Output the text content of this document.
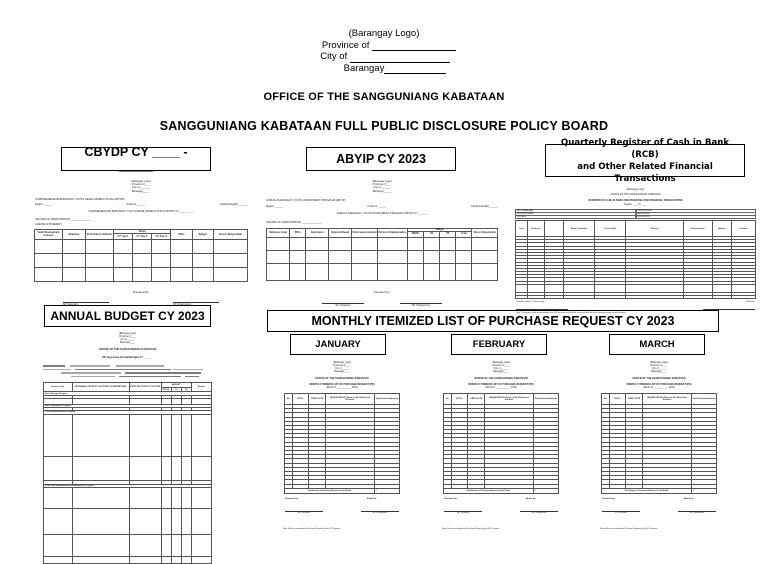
(Barangay Logo)
Province of
City of
Barangay
OFFICE OF THE SANGGUNIANG KABATAAN
SANGGUNIANG KABATAAN FULL PUBLIC DISCLOSURE POLICY BOARD
CBYDP CY ____ - _____	ABYIP CY 2023
Quarterly Register of Cash in Bank (RCB)
and Other Related Financial Transactions
ANNUAL BUDGET CY 2023	MONTHLY ITEMIZED LIST OF PURCHASE REQUEST CY 2023
JANUARY	FEBRUARY	MARCH
(Barangay Logo)
Province of____
City of_______
Barangay_____
COMPREHENSIVE BARANGAY YOUTH DEVELOPMENT PLAN (CBYDP)
Region ______	Province ______	City/Municipality ______
COMPREHENSIVE BARANGAY YOUTH DEVELOPMENT PLAN (CBYDP) CY ____ - ____
CENTER OF PARTICIPATION ______________
AGENDA STATEMENT
Youth Development Concern	Objective	Performance Indicator	Target			PPAs	Budget	Person Responsible
			CY Year 1	CY Year 2	CY Year 3			

Prepared by:
SK Secretary	SK Chairperson
(Barangay Logo)
Province of____
City of_______
Barangay_____
ANNUAL BARANGAY YOUTH INVESTMENT PROGRAM (ABYIP)
Region ______	Province ______	City/Municipality ______
ANNUAL BARANGAY YOUTH INVESTMENT PROGRAM (ABYIP) CY ______
CENTER OF PARTICIPATION ______________
Reference Code	PPAs	Description	Expected Result	Performance Indicator	Period of Implementation	Budget				Person Responsible
						MOOE	CO	PS	Total	

Prepared by:
SK Treasurer	SK Chairperson
(Barangay Logo)
OFFICE OF THE SANGGUNIANG KABATAAN
REGISTER OF CASH IN BANK AND OTHER RELATED FINANCIAL TRANSACTIONS
Quarter ___ CY ____
SK of Barangay:
City/Municipality:
Province:
Fund/Account:
Bank Name:
Account No.:
Date	Reference		Name / Particulars	Cash in Bank	Receipts	Disbursements	Balance	Remarks

Certified Correct / Prepared by:	Noted by:
Note: This register shall be maintained by the SK Treasurer and shall be reconciled with the bank statement every end of the month.
(Barangay Logo)
Province of____
City of______
Barangay____
OFFICE OF THE SANGGUNIANG KABATAAN
SK Approved Annual Budget CY ______

Account Code	PROGRAMS / PROJECTS / ACTIVITIES / EXPENSE ITEMS	EXPECTED OUTPUT / OUTCOME	AMOUNT			Amount
			MOOE	CO	PS	
Part I. Receipts Program						

Part II. Expenditure Program						

I. General Administration Program						

II. SK Youth Development and Empowerment Program						

(Barangay Logo)
Province of____
City of______
Barangay____
OFFICE OF THE SANGGUNIANG KABATAAN
MONTHLY ITEMIZED LIST OF PURCHASE REQUEST (PR)
(Month of ___________, 2023)
No.	PR No.	DATE OF PR	REQUESTED BY (Name of SK Official and Position)	Total Estimated Amount

Total Amount of Purchase Request for the Month				P
Prepared by:	Noted by:
SK Treasurer	SK Chairperson
Note: Refer to accomplished Purchase Request by the SK Treasurer.
(Barangay Logo)
Province of____
City of______
Barangay____
OFFICE OF THE SANGGUNIANG KABATAAN
MONTHLY ITEMIZED LIST OF PURCHASE REQUEST (PR)
(Month of ___________, 2023)
No.	PR No.	DATE OF PR	REQUESTED BY (Name of SK Official and Position)	Total Estimated Amount

Total Amount of Purchase Request for the Month				P
Prepared by:	Noted by:
SK Treasurer	SK Chairperson
Note: Refer to accomplished Purchase Request by the SK Treasurer.
(Barangay Logo)
Province of____
City of______
Barangay____
OFFICE OF THE SANGGUNIANG KABATAAN
MONTHLY ITEMIZED LIST OF PURCHASE REQUEST (PR)
(Month of ___________, 2023)
No.	PR No.	DATE OF PR	REQUESTED BY (Name of SK Official and Position)	Total Estimated Amount

Total Amount of Purchase Request for the Month				P
Prepared by:	Noted by:
SK Treasurer	SK Chairperson
Note: Refer to accomplished Purchase Request by the SK Treasurer.
